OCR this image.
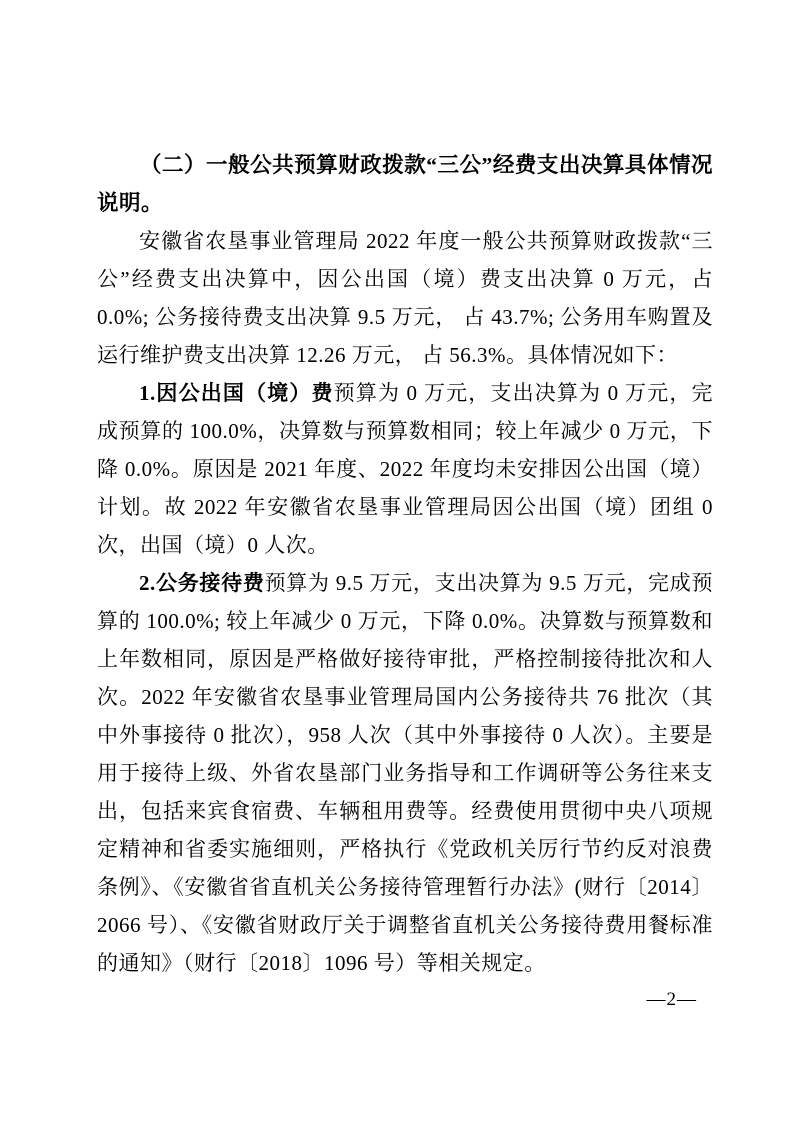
（二）一般公共预算财政拨款“三公”经费支出决算具体情况说明。

安徽省农垦事业管理局 2022 年度一般公共预算财政拨款“三公”经费支出决算中，因公出国（境）费支出决算 0 万元，占 0.0%; 公务接待费支出决算 9.5 万元， 占 43.7%; 公务用车购置及运行维护费支出决算 12.26 万元， 占 56.3%。具体情况如下：

1.因公出国（境）费预算为 0 万元，支出决算为 0 万元，完成预算的 100.0%，决算数与预算数相同；较上年减少 0 万元，下降 0.0%。原因是 2021 年度、2022 年度均未安排因公出国（境）计划。故 2022 年安徽省农垦事业管理局因公出国（境）团组 0 次，出国（境）0 人次。

2.公务接待费预算为 9.5 万元，支出决算为 9.5 万元，完成预算的 100.0%; 较上年减少 0 万元，下降 0.0%。决算数与预算数和上年数相同，原因是严格做好接待审批，严格控制接待批次和人次。2022 年安徽省农垦事业管理局国内公务接待共 76 批次（其中外事接待 0 批次），958 人次（其中外事接待 0 人次）。主要是用于接待上级、外省农垦部门业务指导和工作调研等公务往来支出，包括来宾食宿费、车辆租用费等。经费使用贯彻中央八项规定精神和省委实施细则，严格执行《党政机关厉行节约反对浪费条例》、《安徽省省直机关公务接待管理暂行办法》(财行〔2014〕2066 号）、《安徽省财政厅关于调整省直机关公务接待费用餐标准的通知》（财行〔2018〕1096 号）等相关规定。

—2—
